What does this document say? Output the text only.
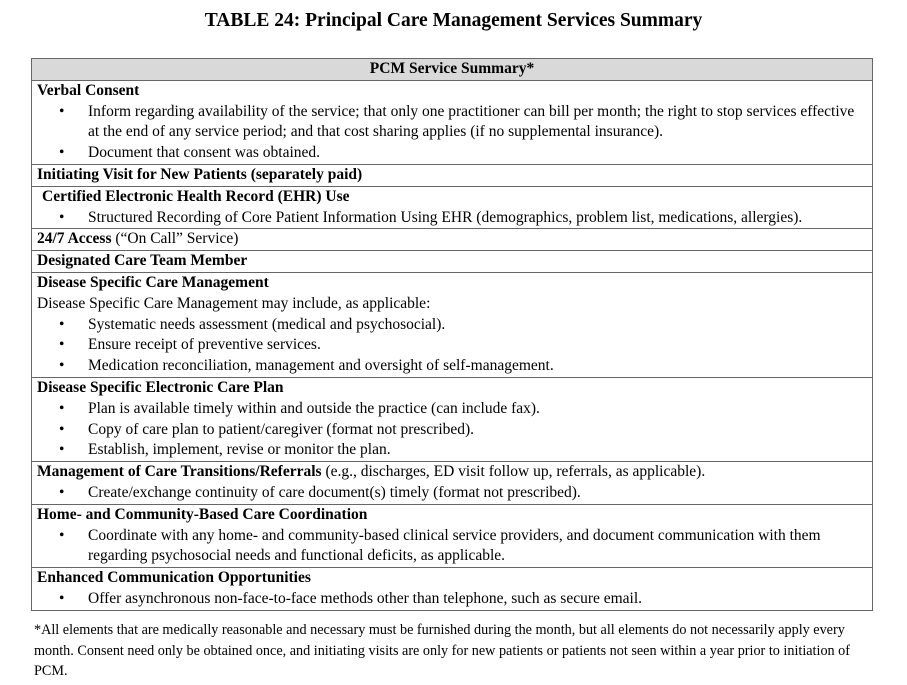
TABLE 24: Principal Care Management Services Summary
PCM Service Summary*

Verbal Consent
• Inform regarding availability of the service; that only one practitioner can bill per month; the right to stop services effective at the end of any service period; and that cost sharing applies (if no supplemental insurance).
• Document that consent was obtained.

Initiating Visit for New Patients (separately paid)

Certified Electronic Health Record (EHR) Use
• Structured Recording of Core Patient Information Using EHR (demographics, problem list, medications, allergies).

24/7 Access (“On Call” Service)

Designated Care Team Member

Disease Specific Care Management
Disease Specific Care Management may include, as applicable:
• Systematic needs assessment (medical and psychosocial).
• Ensure receipt of preventive services.
• Medication reconciliation, management and oversight of self-management.

Disease Specific Electronic Care Plan
• Plan is available timely within and outside the practice (can include fax).
• Copy of care plan to patient/caregiver (format not prescribed).
• Establish, implement, revise or monitor the plan.

Management of Care Transitions/Referrals (e.g., discharges, ED visit follow up, referrals, as applicable).
• Create/exchange continuity of care document(s) timely (format not prescribed).

Home- and Community-Based Care Coordination
• Coordinate with any home- and community-based clinical service providers, and document communication with them regarding psychosocial needs and functional deficits, as applicable.

Enhanced Communication Opportunities
• Offer asynchronous non-face-to-face methods other than telephone, such as secure email.
*All elements that are medically reasonable and necessary must be furnished during the month, but all elements do not necessarily apply every month. Consent need only be obtained once, and initiating visits are only for new patients or patients not seen within a year prior to initiation of PCM.
